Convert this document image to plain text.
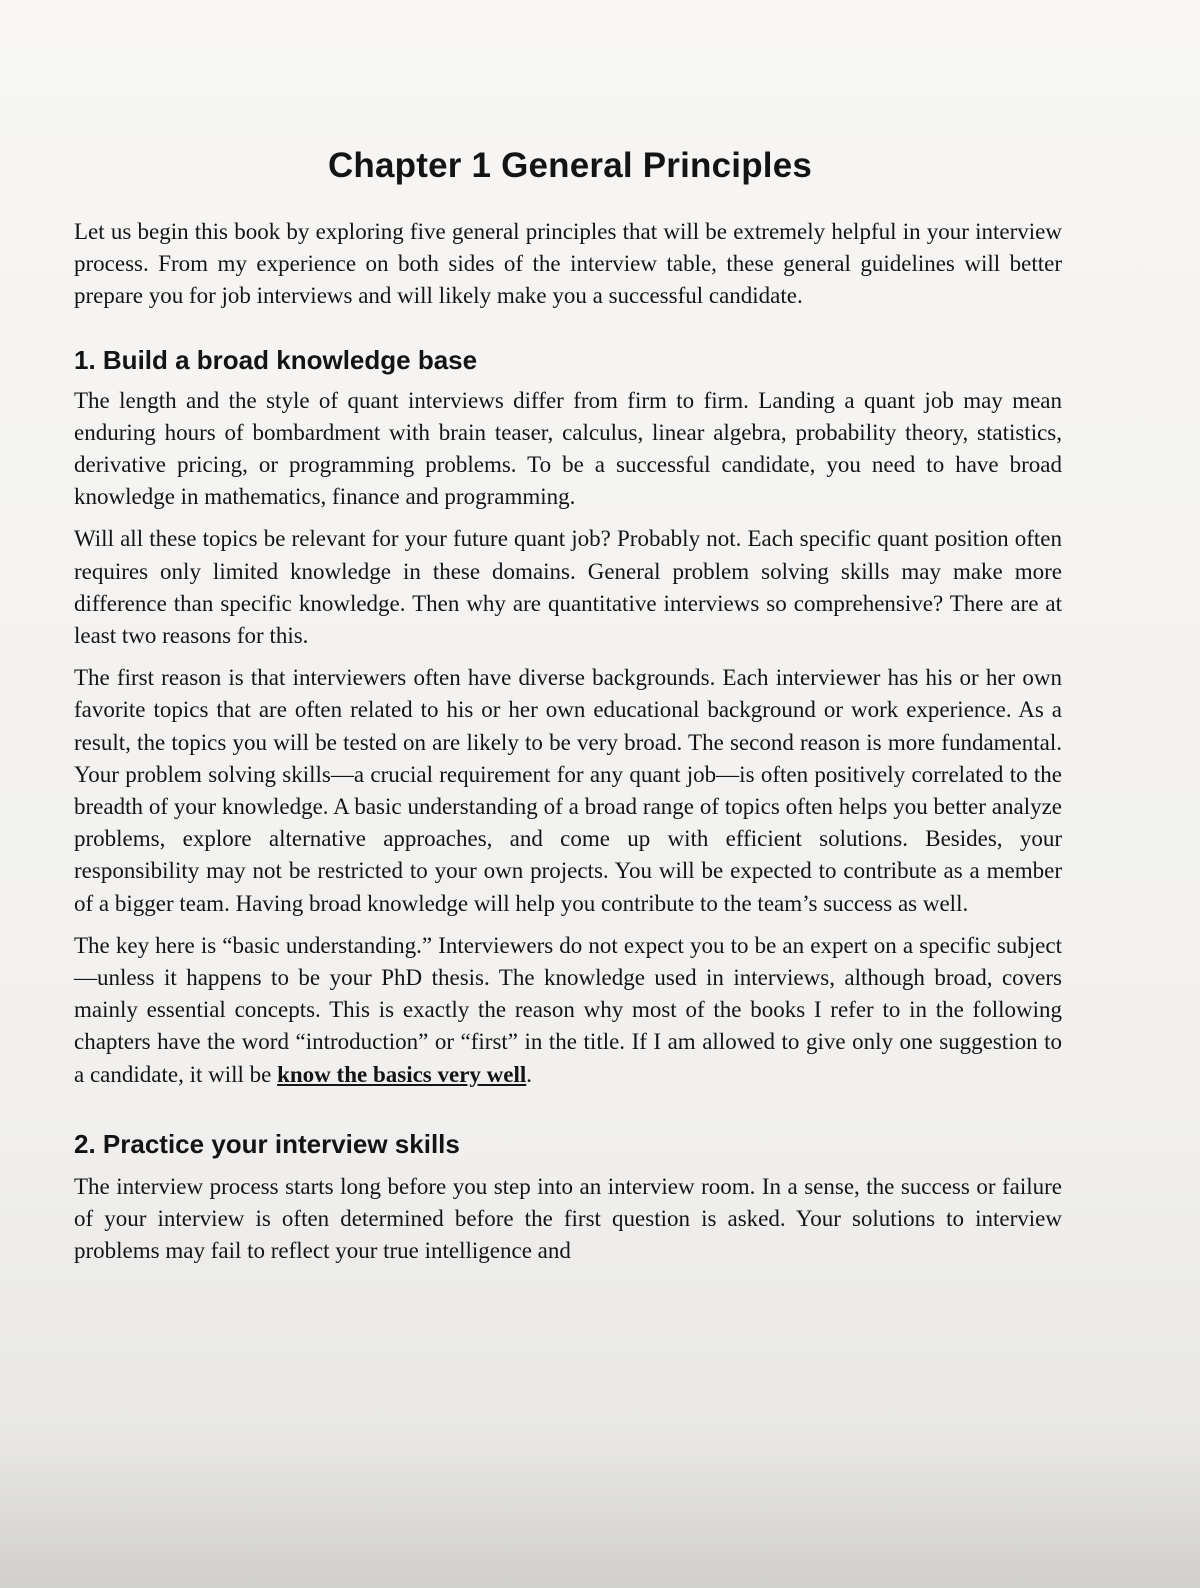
Chapter 1 General Principles

Let us begin this book by exploring five general principles that will be extremely helpful in your interview process. From my experience on both sides of the interview table, these general guidelines will better prepare you for job interviews and will likely make you a successful candidate.

1. Build a broad knowledge base

The length and the style of quant interviews differ from firm to firm. Landing a quant job may mean enduring hours of bombardment with brain teaser, calculus, linear algebra, probability theory, statistics, derivative pricing, or programming problems. To be a successful candidate, you need to have broad knowledge in mathematics, finance and programming.

Will all these topics be relevant for your future quant job? Probably not. Each specific quant position often requires only limited knowledge in these domains. General problem solving skills may make more difference than specific knowledge. Then why are quantitative interviews so comprehensive? There are at least two reasons for this.

The first reason is that interviewers often have diverse backgrounds. Each interviewer has his or her own favorite topics that are often related to his or her own educational background or work experience. As a result, the topics you will be tested on are likely to be very broad. The second reason is more fundamental. Your problem solving skills—a crucial requirement for any quant job—is often positively correlated to the breadth of your knowledge. A basic understanding of a broad range of topics often helps you better analyze problems, explore alternative approaches, and come up with efficient solutions. Besides, your responsibility may not be restricted to your own projects. You will be expected to contribute as a member of a bigger team. Having broad knowledge will help you contribute to the team’s success as well.

The key here is “basic understanding.” Interviewers do not expect you to be an expert on a specific subject—unless it happens to be your PhD thesis. The knowledge used in interviews, although broad, covers mainly essential concepts. This is exactly the reason why most of the books I refer to in the following chapters have the word “introduction” or “first” in the title. If I am allowed to give only one suggestion to a candidate, it will be know the basics very well.

2. Practice your interview skills

The interview process starts long before you step into an interview room. In a sense, the success or failure of your interview is often determined before the first question is asked. Your solutions to interview problems may fail to reflect your true intelligence and
